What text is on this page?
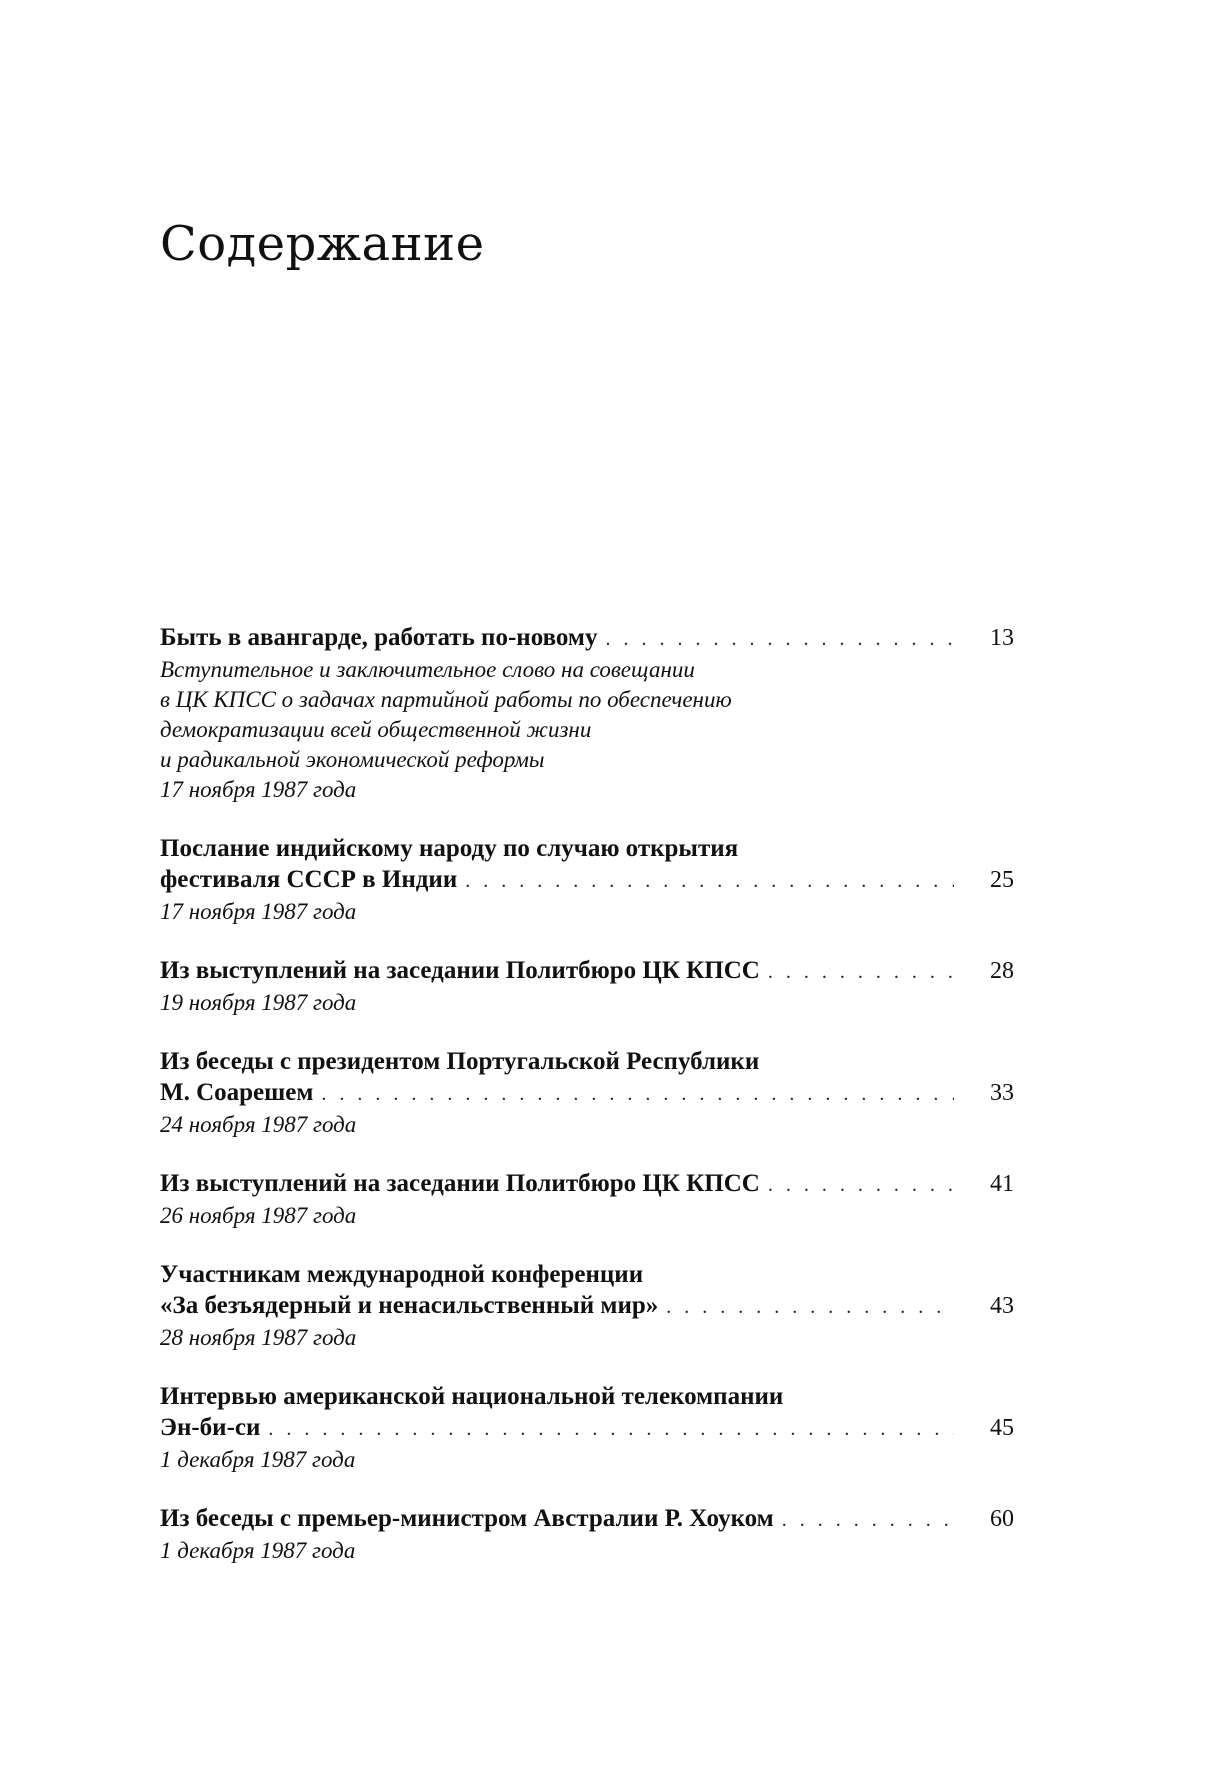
Содержание
Быть в авангарде, работать по-новому . . .	13
Вступительное и заключительное слово на совещании
в ЦК КПСС о задачах партийной работы по обеспечению
демократизации всей общественной жизни
и радикальной экономической реформы
17 ноября 1987 года
Послание индийскому народу по случаю открытия
фестиваля СССР в Индии . . .	25
17 ноября 1987 года
Из выступлений на заседании Политбюро ЦК КПСС . . .	28
19 ноября 1987 года
Из беседы с президентом Португальской Республики
М. Соарешем . . .	33
24 ноября 1987 года
Из выступлений на заседании Политбюро ЦК КПСС . . .	41
26 ноября 1987 года
Участникам международной конференции
«За безъядерный и ненасильственный мир» . . .	43
28 ноября 1987 года
Интервью американской национальной телекомпании
Эн-би-си . . .	45
1 декабря 1987 года
Из беседы с премьер-министром Австралии Р. Хоуком . . .	60
1 декабря 1987 года
